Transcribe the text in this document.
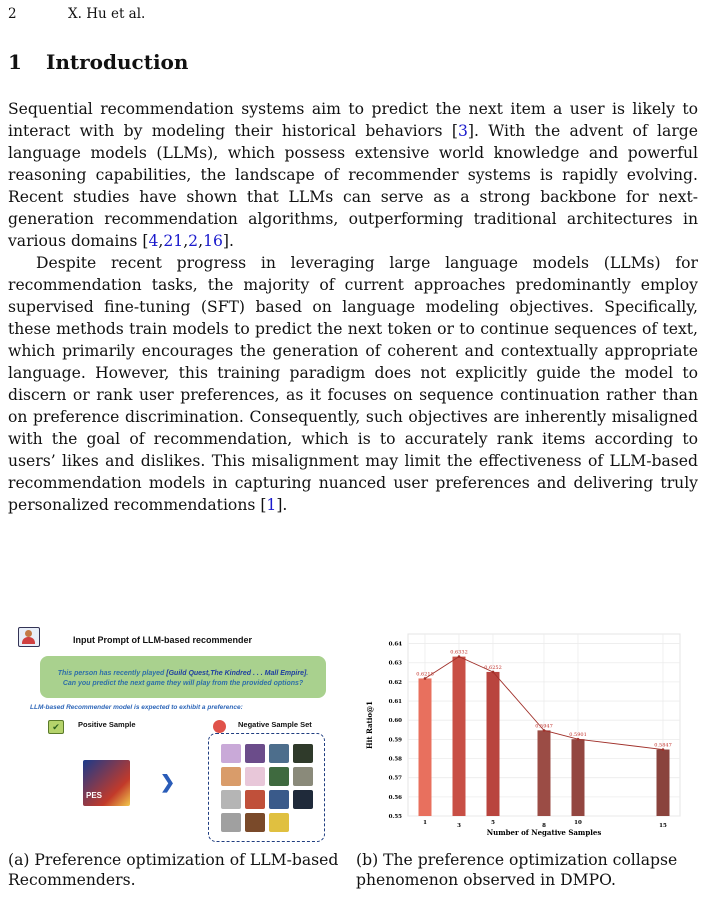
2	X. Hu et al.
1 Introduction

Sequential recommendation systems aim to predict the next item a user is likely to interact with by modeling their historical behaviors [3]. With the advent of large language models (LLMs), which possess extensive world knowledge and powerful reasoning capabilities, the landscape of recommender systems is rapidly evolving. Recent studies have shown that LLMs can serve as a strong backbone for next-generation recommendation algorithms, outperforming traditional architectures in various domains [4,21,2,16].

Despite recent progress in leveraging large language models (LLMs) for recommendation tasks, the majority of current approaches predominantly employ supervised fine-tuning (SFT) based on language modeling objectives. Specifically, these methods train models to predict the next token or to continue sequences of text, which primarily encourages the generation of coherent and contextually appropriate language. However, this training paradigm does not explicitly guide the model to discern or rank user preferences, as it focuses on sequence continuation rather than on preference discrimination. Consequently, such objectives are inherently misaligned with the goal of recommendation, which is to accurately rank items according to users’ likes and dislikes. This misalignment may limit the effectiveness of LLM-based recommendation models in capturing nuanced user preferences and delivering truly personalized recommendations [1].

Input Prompt of LLM-based recommender
This person has recently played [Guild Quest,The Kindred . . . Mall Empire].
Can you predict the next game they will play from the provided options?
LLM-based Recommender model is expected to exhibit a preference:
✔	Positive Sample	Negative Sample Set
PES
❯
0.55
0.56
0.57
0.58
0.59
0.60
0.61
0.62
0.63
0.64
0.6218
1
0.6332
3
0.6252
5
0.5947
8
0.5901
10
0.5847
15
Number of Negative Samples
Hit Ratio@1
(a) Preference optimization of LLM-based Recommenders.
(b) The preference optimization collapse phenomenon observed in DMPO.
